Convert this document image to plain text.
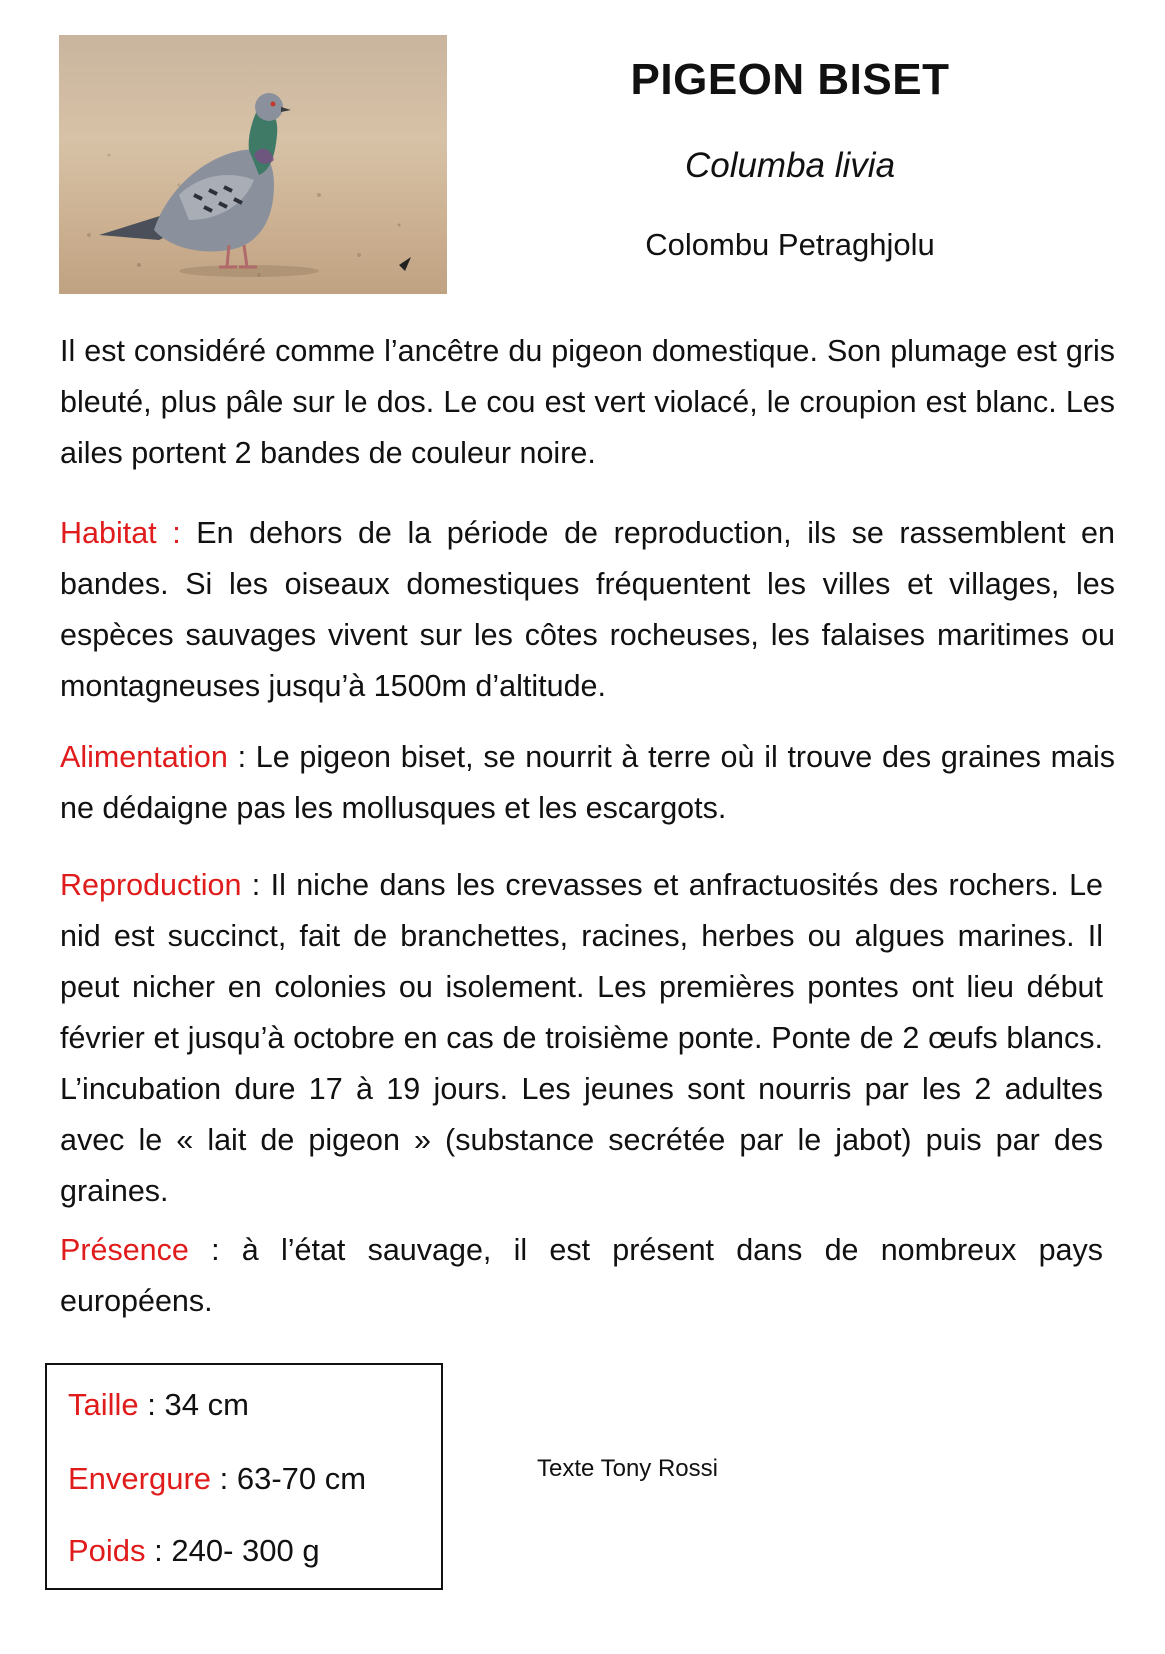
PIGEON BISET
Columba livia
Colombu Petraghjolu

Il est considéré comme l’ancêtre du pigeon domestique. Son plumage est gris bleuté, plus pâle sur le dos. Le cou est vert violacé, le croupion est blanc. Les ailes portent 2 bandes de couleur noire.

Habitat : En dehors de la période de reproduction, ils se rassemblent en bandes. Si les oiseaux domestiques fréquentent les villes et villages, les espèces sauvages vivent sur les côtes rocheuses, les falaises maritimes ou montagneuses jusqu’à 1500m d’altitude.

Alimentation : Le pigeon biset, se nourrit à terre où il trouve des graines mais ne dédaigne pas les mollusques et les escargots.

Reproduction : Il niche dans les crevasses et anfractuosités des rochers. Le nid est succinct, fait de branchettes, racines, herbes ou algues marines. Il peut nicher en colonies ou isolement. Les premières pontes ont lieu début février et jusqu’à octobre en cas de troisième ponte. Ponte de 2 œufs blancs. L’incubation dure 17 à 19 jours. Les jeunes sont nourris par les 2 adultes avec le « lait de pigeon » (substance secrétée par le jabot) puis par des graines.

Présence : à l’état sauvage, il est présent dans de nombreux pays européens.

Taille : 34 cm
Envergure : 63-70 cm
Poids : 240- 300 g
Texte Tony Rossi
